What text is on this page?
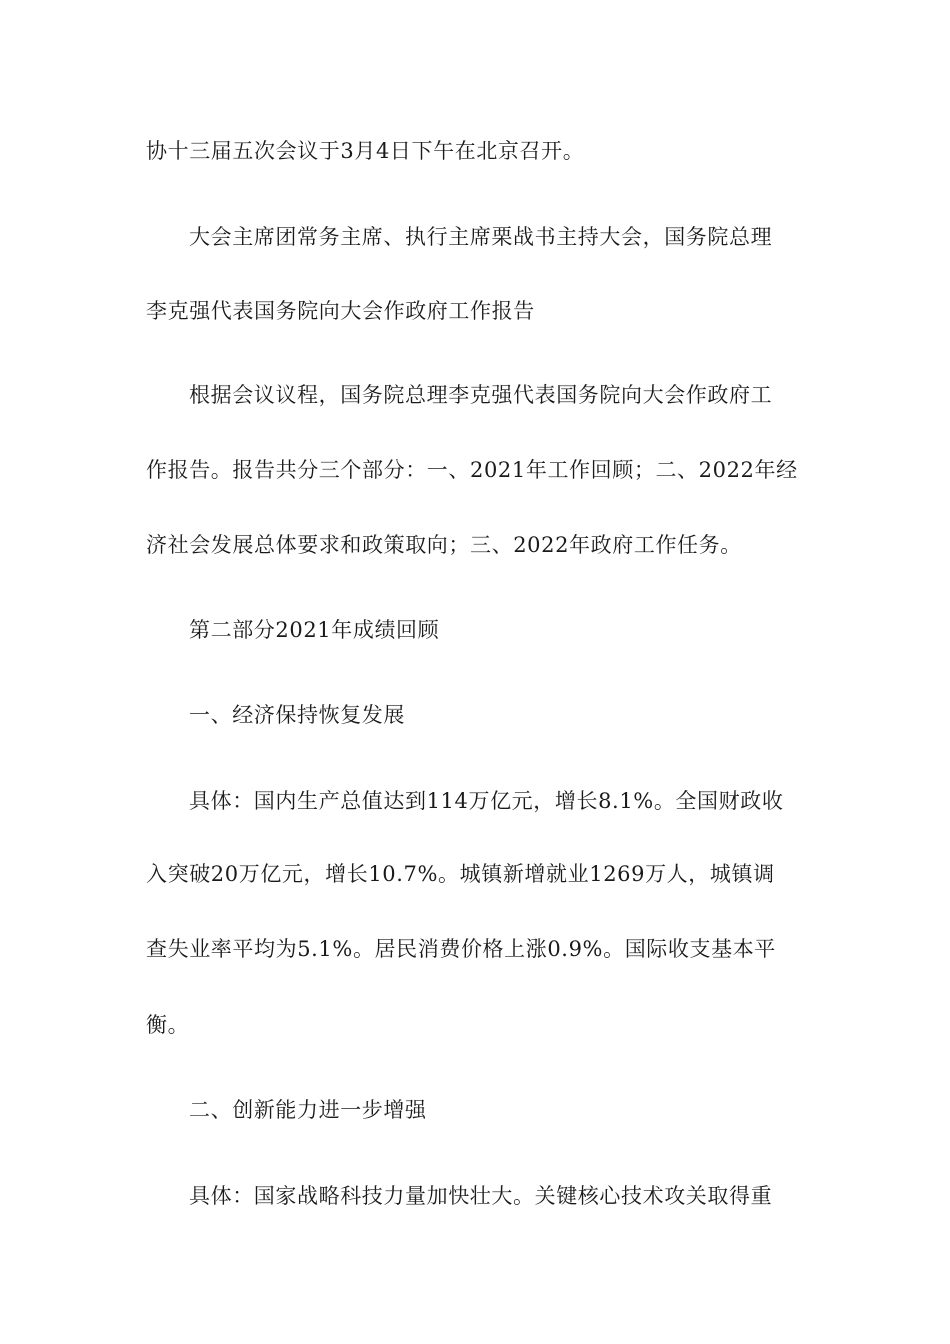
协十三届五次会议于3月4日下午在北京召开。
大会主席团常务主席、执行主席栗战书主持大会，国务院总理
李克强代表国务院向大会作政府工作报告
根据会议议程，国务院总理李克强代表国务院向大会作政府工
作报告。报告共分三个部分：一、2021年工作回顾；二、2022年经
济社会发展总体要求和政策取向；三、2022年政府工作任务。
第二部分2021年成绩回顾
一、经济保持恢复发展
具体：国内生产总值达到114万亿元，增长8.1%。全国财政收
入突破20万亿元，增长10.7%。城镇新增就业1269万人，城镇调
查失业率平均为5.1%。居民消费价格上涨0.9%。国际收支基本平
衡。
二、创新能力进一步增强
具体：国家战略科技力量加快壮大。关键核心技术攻关取得重
